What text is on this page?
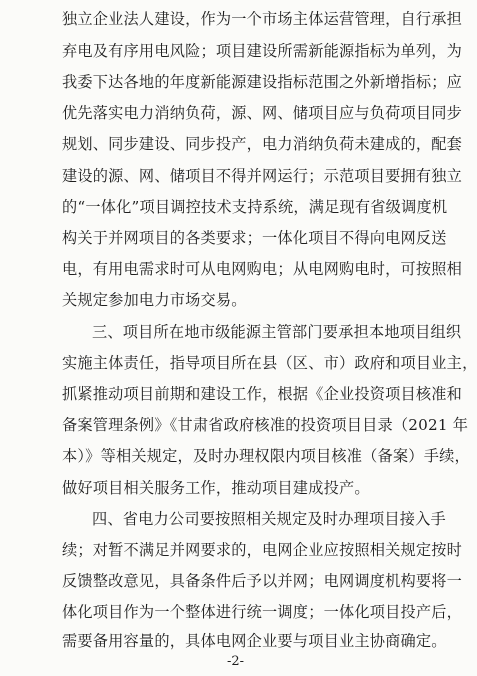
独立企业法人建设，作为一个市场主体运营管理，自行承担
弃电及有序用电风险；项目建设所需新能源指标为单列，为
我委下达各地的年度新能源建设指标范围之外新增指标；应
优先落实电力消纳负荷，源、网、储项目应与负荷项目同步
规划、同步建设、同步投产，电力消纳负荷未建成的，配套
建设的源、网、储项目不得并网运行；示范项目要拥有独立
的“一体化”项目调控技术支持系统，满足现有省级调度机
构关于并网项目的各类要求；一体化项目不得向电网反送
电，有用电需求时可从电网购电；从电网购电时，可按照相
关规定参加电力市场交易。
三、项目所在地市级能源主管部门要承担本地项目组织
实施主体责任，指导项目所在县（区、市）政府和项目业主，
抓紧推动项目前期和建设工作，根据《企业投资项目核准和
备案管理条例》《甘肃省政府核准的投资项目目录（2021 年
本）》等相关规定，及时办理权限内项目核准（备案）手续，
做好项目相关服务工作，推动项目建成投产。
四、省电力公司要按照相关规定及时办理项目接入手
续；对暂不满足并网要求的，电网企业应按照相关规定按时
反馈整改意见，具备条件后予以并网；电网调度机构要将一
体化项目作为一个整体进行统一调度；一体化项目投产后，
需要备用容量的，具体电网企业要与项目业主协商确定。
-2-
